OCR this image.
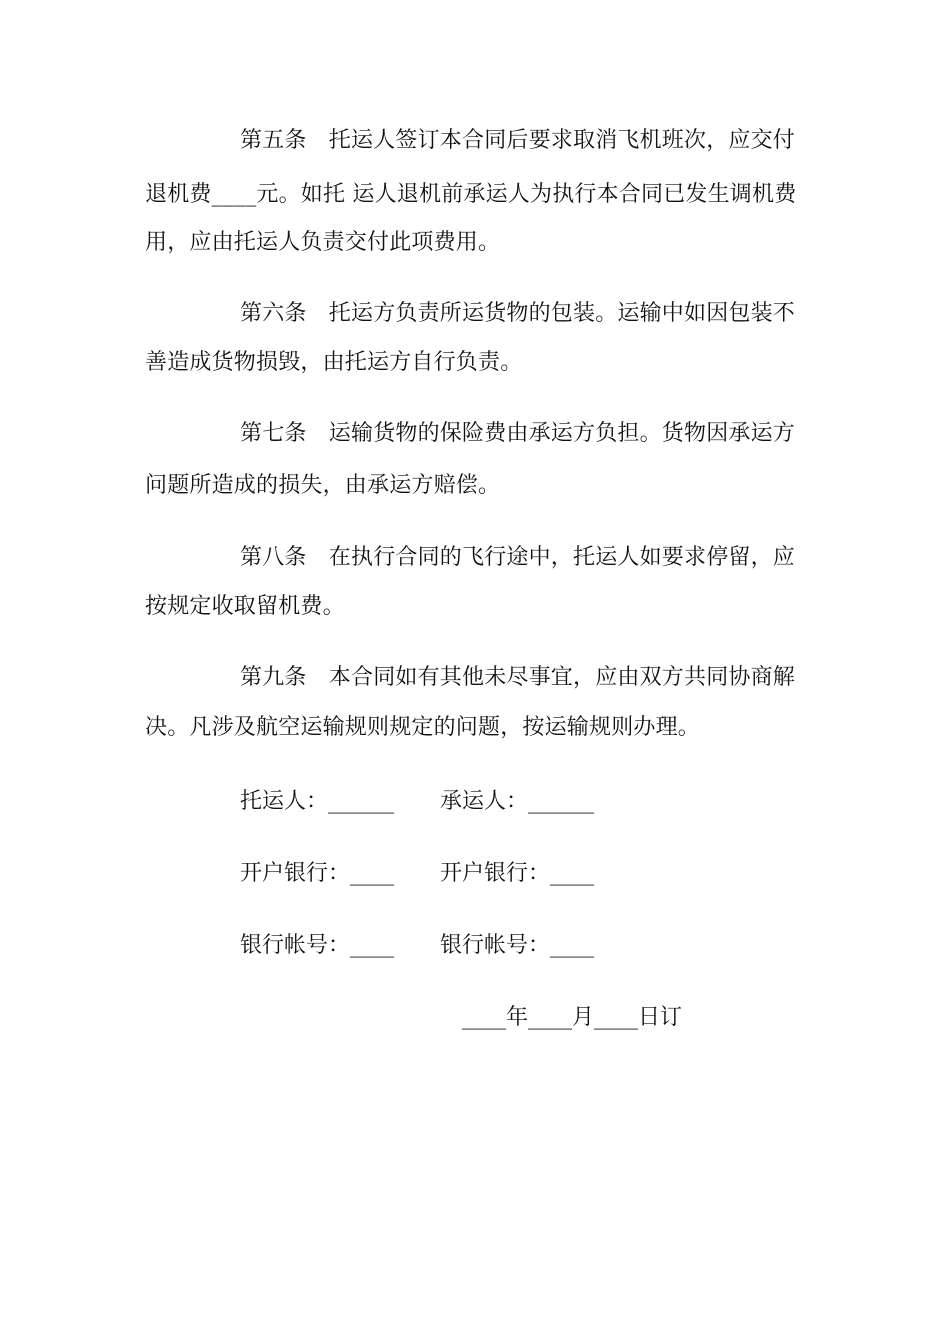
第五条　托运人签订本合同后要求取消飞机班次，应交付
退机费____元。如托 运人退机前承运人为执行本合同已发生调机费
用，应由托运人负责交付此项费用。
第六条　托运方负责所运货物的包装。运输中如因包装不
善造成货物损毁，由托运方自行负责。
第七条　运输货物的保险费由承运方负担。货物因承运方
问题所造成的损失，由承运方赔偿。
第八条　在执行合同的飞行途中，托运人如要求停留，应
按规定收取留机费。
第九条　本合同如有其他未尽事宜，应由双方共同协商解
决。凡涉及航空运输规则规定的问题，按运输规则办理。
托运人：______ 承运人：______
开户银行：____ 开户银行：____
银行帐号：____ 银行帐号：____
____年____月____日订
